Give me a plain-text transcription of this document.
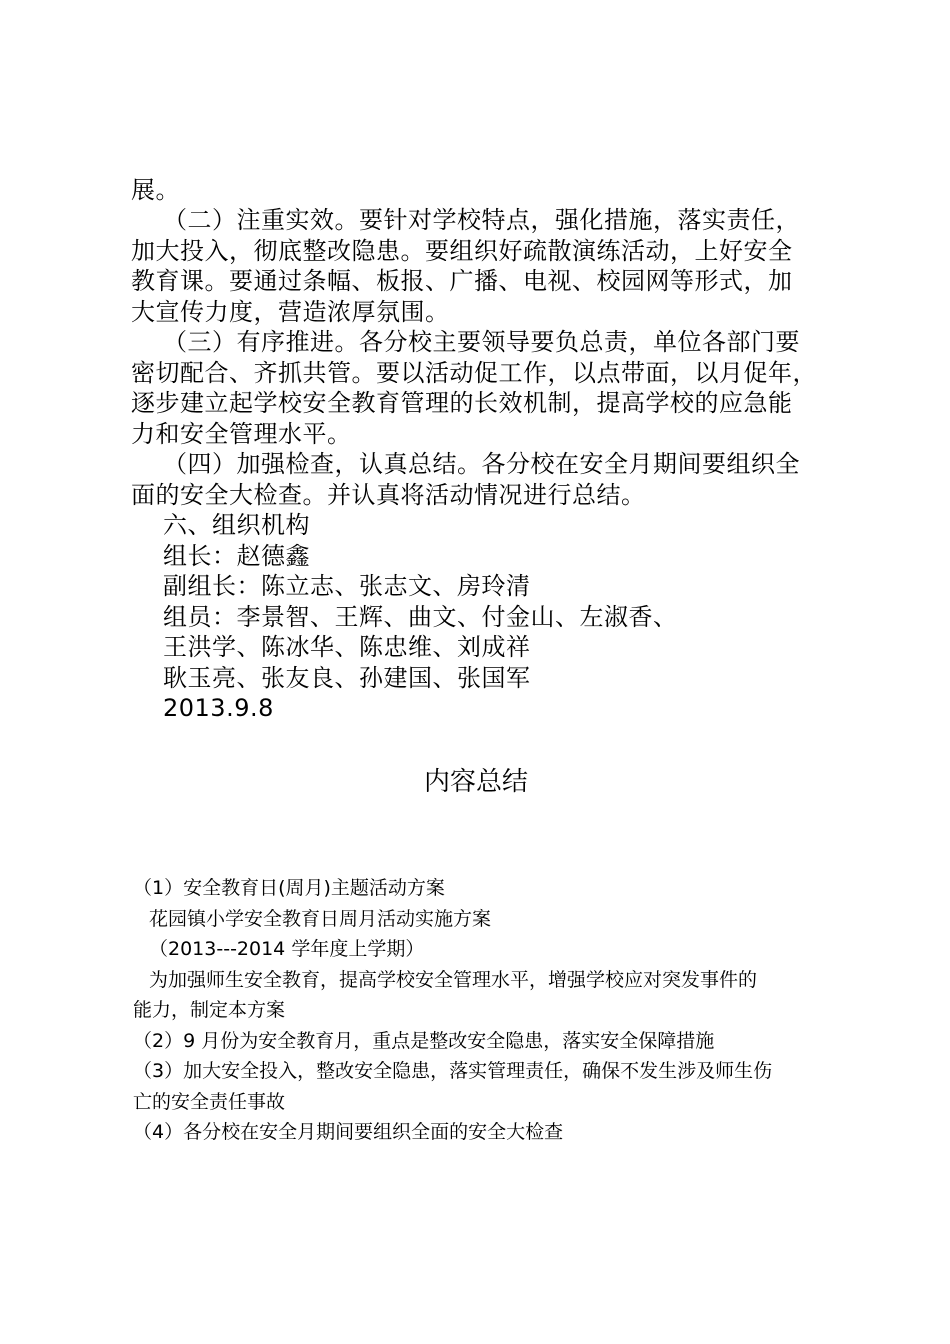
展。
（二）注重实效。要针对学校特点，强化措施，落实责任，
加大投入，彻底整改隐患。要组织好疏散演练活动，上好安全
教育课。要通过条幅、板报、广播、电视、校园网等形式，加
大宣传力度，营造浓厚氛围。
（三）有序推进。各分校主要领导要负总责，单位各部门要
密切配合、齐抓共管。要以活动促工作，以点带面，以月促年，
逐步建立起学校安全教育管理的长效机制，提高学校的应急能
力和安全管理水平。
（四）加强检查，认真总结。各分校在安全月期间要组织全
面的安全大检查。并认真将活动情况进行总结。
六、组织机构
组长：赵德鑫
副组长：陈立志、张志文、房玲清
组员：李景智、王辉、曲文、付金山、左淑香、
王洪学、陈冰华、陈忠维、刘成祥
耿玉亮、张友良、孙建国、张国军
2013.9.8
内容总结
（1）安全教育日(周月)主题活动方案
花园镇小学安全教育日周月活动实施方案
（2013---2014 学年度上学期）
为加强师生安全教育，提高学校安全管理水平，增强学校应对突发事件的
能力，制定本方案
（2）9 月份为安全教育月，重点是整改安全隐患，落实安全保障措施
（3）加大安全投入，整改安全隐患，落实管理责任，确保不发生涉及师生伤
亡的安全责任事故
（4）各分校在安全月期间要组织全面的安全大检查
